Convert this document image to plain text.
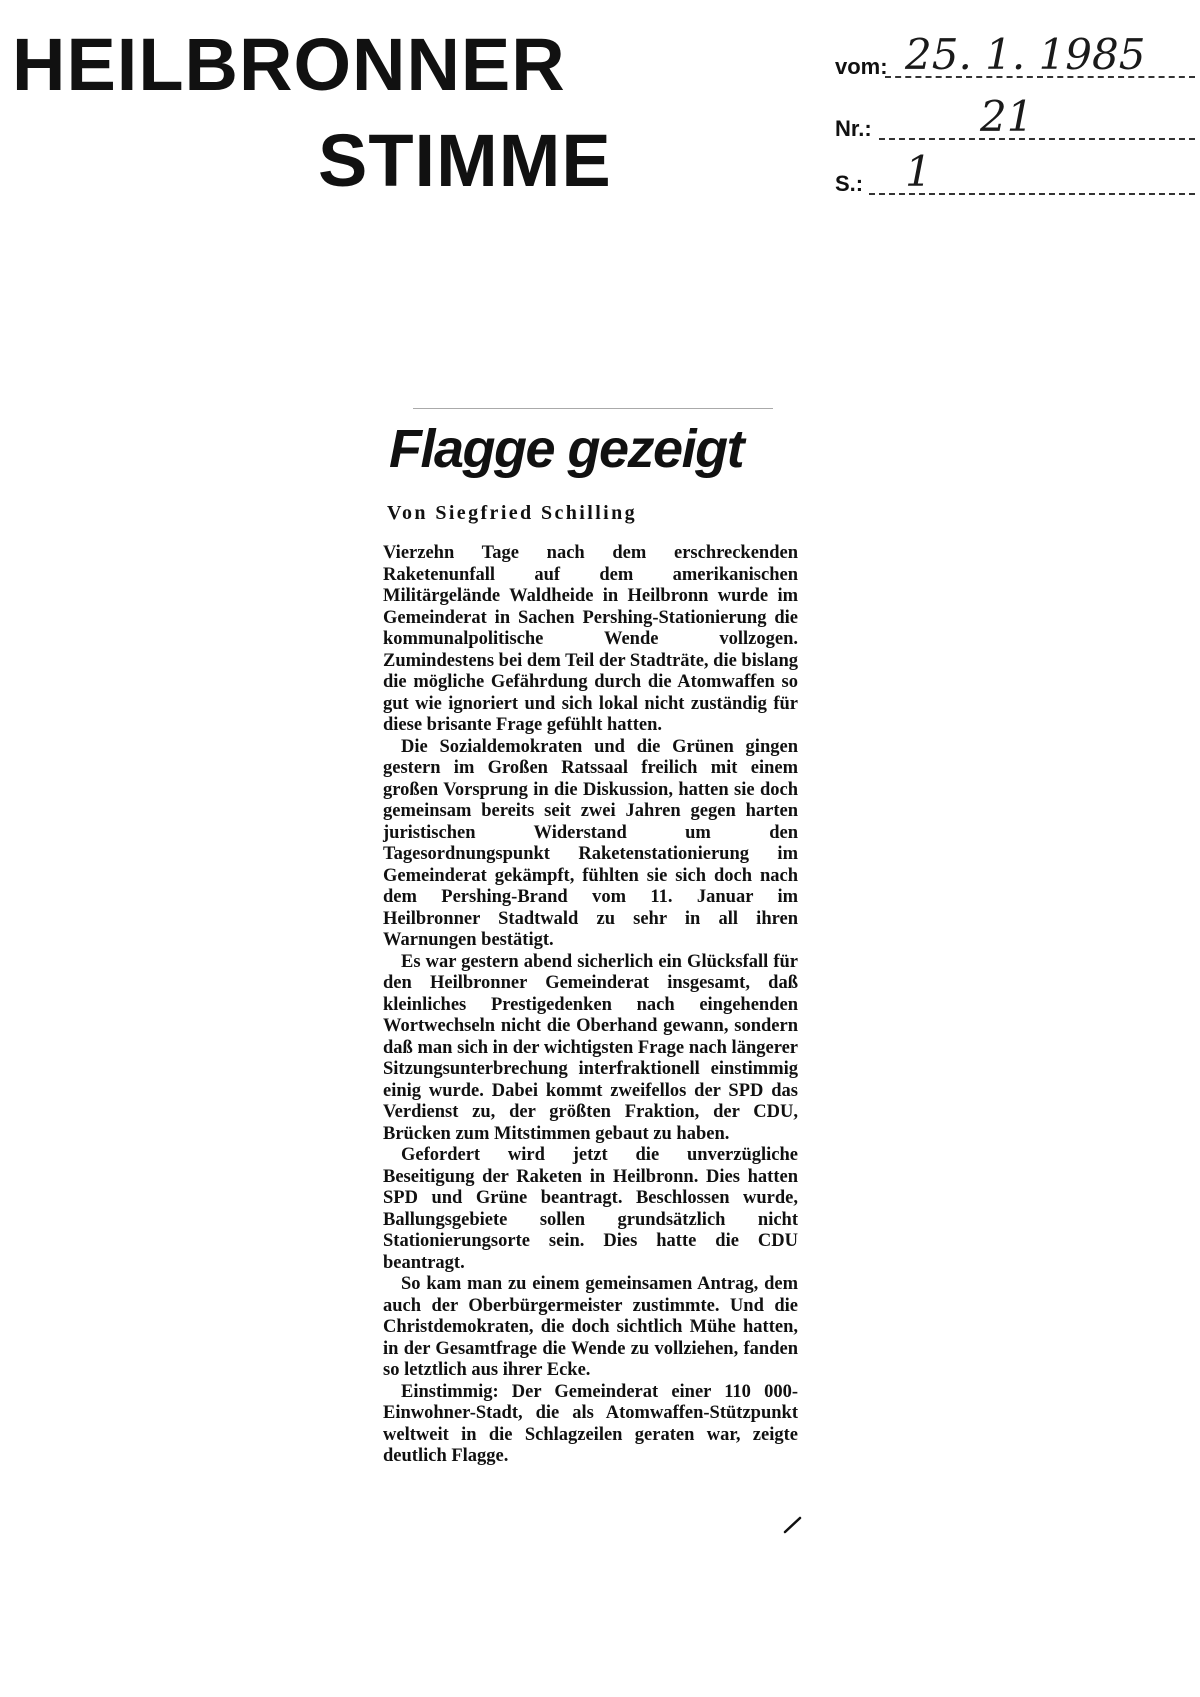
HEILBRONNER
STIMME
vom: 25. 1. 1985
Nr.:	21
S.: 1
Flagge gezeigt
Von Siegfried Schilling

Vierzehn Tage nach dem erschreckenden Raketenunfall auf dem amerikanischen Militärgelände Waldheide in Heilbronn wurde im Gemeinderat in Sachen Pershing-Stationierung die kommunalpolitische Wende vollzogen. Zumindestens bei dem Teil der Stadträte, die bislang die mögliche Gefährdung durch die Atomwaffen so gut wie ignoriert und sich lokal nicht zuständig für diese brisante Frage gefühlt hatten.

Die Sozialdemokraten und die Grünen gingen gestern im Großen Ratssaal freilich mit einem großen Vorsprung in die Diskussion, hatten sie doch gemeinsam bereits seit zwei Jahren gegen harten juristischen Widerstand um den Tagesordnungspunkt Raketenstationierung im Gemeinderat gekämpft, fühlten sie sich doch nach dem Pershing-Brand vom 11. Januar im Heilbronner Stadtwald zu sehr in all ihren Warnungen bestätigt.

Es war gestern abend sicherlich ein Glücksfall für den Heilbronner Gemeinderat insgesamt, daß kleinliches Prestigedenken nach eingehenden Wortwechseln nicht die Oberhand gewann, sondern daß man sich in der wichtigsten Frage nach längerer Sitzungsunterbrechung interfraktionell einstimmig einig wurde. Dabei kommt zweifellos der SPD das Verdienst zu, der größten Fraktion, der CDU, Brücken zum Mitstimmen gebaut zu haben.

Gefordert wird jetzt die unverzügliche Beseitigung der Raketen in Heilbronn. Dies hatten SPD und Grüne beantragt. Beschlossen wurde, Ballungsgebiete sollen grundsätzlich nicht Stationierungsorte sein. Dies hatte die CDU beantragt.

So kam man zu einem gemeinsamen Antrag, dem auch der Oberbürgermeister zustimmte. Und die Christdemokraten, die doch sichtlich Mühe hatten, in der Gesamtfrage die Wende zu vollziehen, fanden so letztlich aus ihrer Ecke.

Einstimmig: Der Gemeinderat einer 110 000-Einwohner-Stadt, die als Atomwaffen-Stützpunkt weltweit in die Schlagzeilen geraten war, zeigte deutlich Flagge.
